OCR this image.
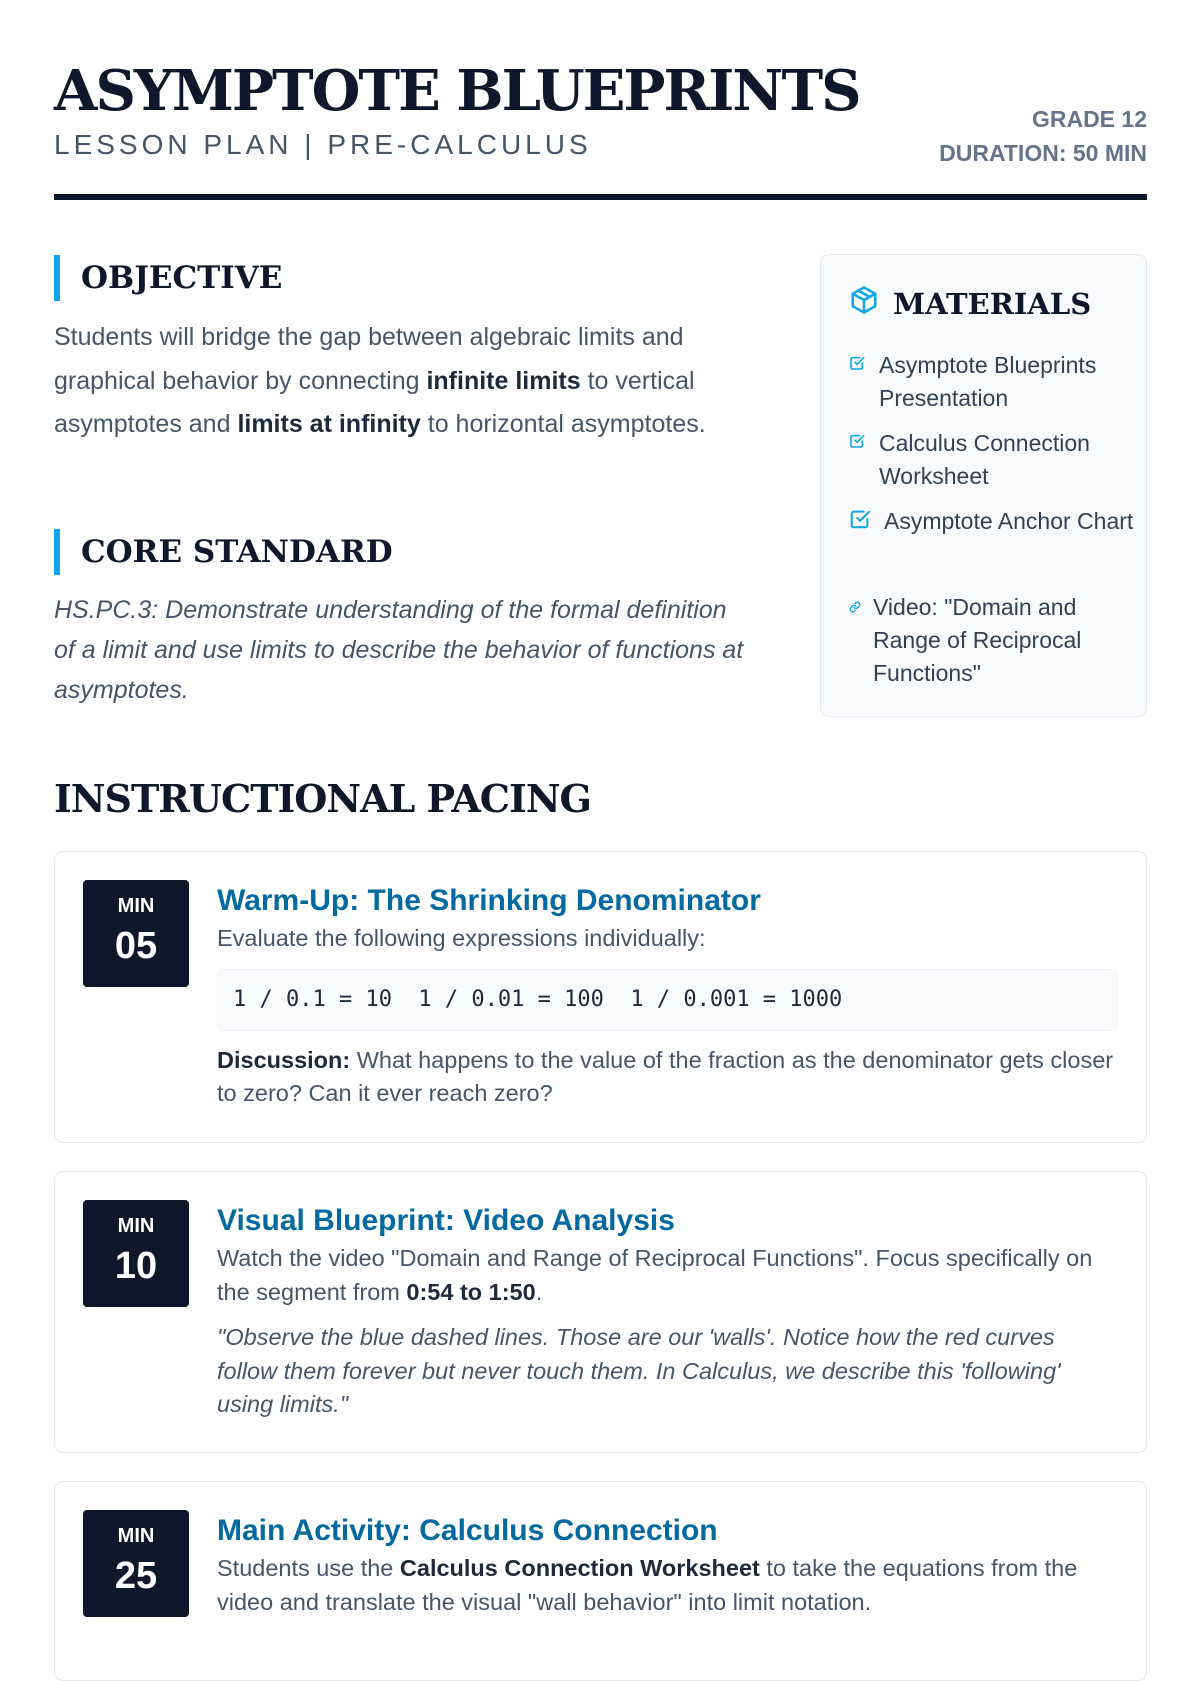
ASYMPTOTE BLUEPRINTS
LESSON PLAN | PRE-CALCULUS
GRADE 12
DURATION: 50 MIN
OBJECTIVE

Students will bridge the gap between algebraic limits and graphical behavior by connecting infinite limits to vertical asymptotes and limits at infinity to horizontal asymptotes.

CORE STANDARD

HS.PC.3: Demonstrate understanding of the formal definition of a limit and use limits to describe the behavior of functions at asymptotes.

MATERIALS
Asymptote Blueprints Presentation
Calculus Connection Worksheet
Asymptote Anchor Chart
Video: "Domain and Range of Reciprocal Functions"
INSTRUCTIONAL PACING
MIN
05
Warm-Up: The Shrinking Denominator

Evaluate the following expressions individually:

1 / 0.1 = 10  1 / 0.01 = 100  1 / 0.001 = 1000

Discussion: What happens to the value of the fraction as the denominator gets closer to zero? Can it ever reach zero?

MIN
10
Visual Blueprint: Video Analysis

Watch the video "Domain and Range of Reciprocal Functions". Focus specifically on the segment from 0:54 to 1:50.

"Observe the blue dashed lines. Those are our 'walls'. Notice how the red curves follow them forever but never touch them. In Calculus, we describe this 'following' using limits."

MIN
25
Main Activity: Calculus Connection

Students use the Calculus Connection Worksheet to take the equations from the video and translate the visual "wall behavior" into limit notation.
